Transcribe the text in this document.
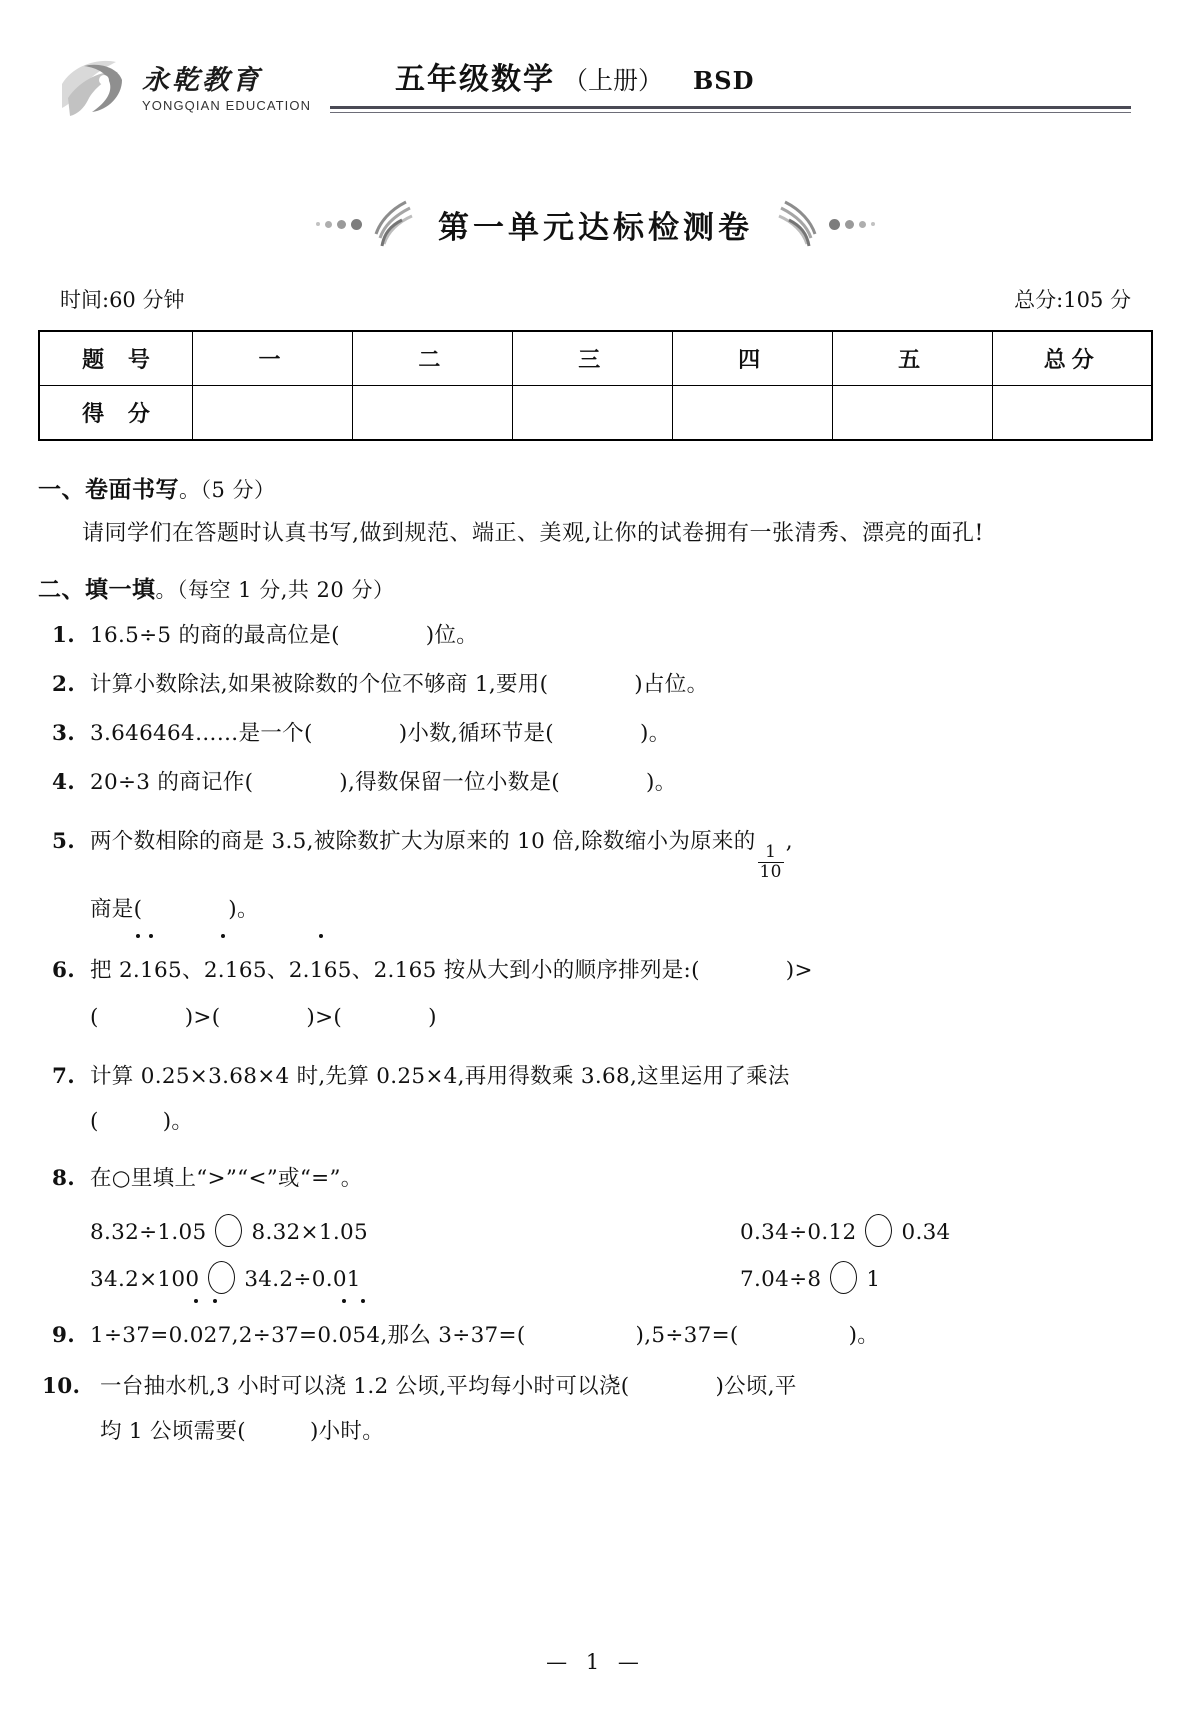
永乾教育
YONGQIAN EDUCATION
五年级数学 （上册） BSD
第一单元达标检测卷
时间:60 分钟	总分:105 分
题 号	一	二	三	四	五	总分
得 分						
一、卷面书写。（5 分）
请同学们在答题时认真书写,做到规范、端正、美观,让你的试卷拥有一张清秀、漂亮的面孔!
二、填一填。（每空 1 分,共 20 分）
1. 16.5÷5 的商的最高位是(	)位。
2. 计算小数除法,如果被除数的个位不够商 1,要用(	)占位。
3. 3.646464……是一个(	)小数,循环节是(	)。
4. 20÷3 的商记作(	),得数保留一位小数是(	)。
5. 两个数相除的商是 3.5,被除数扩大为原来的 10 倍,除数缩小为原来的
$\frac{1}{10}$
,
商是(	)。
6. 把
2.165、
2.165、
2.165、2.165 按从大到小的顺序排列是:(	)>
(	)>(	)>(	)
7. 计算 0.25×3.68×4 时,先算 0.25×4,再用得数乘 3.68,这里运用了乘法
(	)。
8. 在○里填上“>”“<”或“=”。
8.32÷1.05 8.32×1.05	0.34÷0.12 0.34
34.2×100 34.2÷0.01	7.04÷8 1
9. 1÷37=
0.027,2÷37=
0.054,那么 3÷37=(	),5÷37=(	)。
10. 一台抽水机,3 小时可以浇 1.2 公顷,平均每小时可以浇(	)公顷,平
均 1 公顷需要(	)小时。
— 1 —
